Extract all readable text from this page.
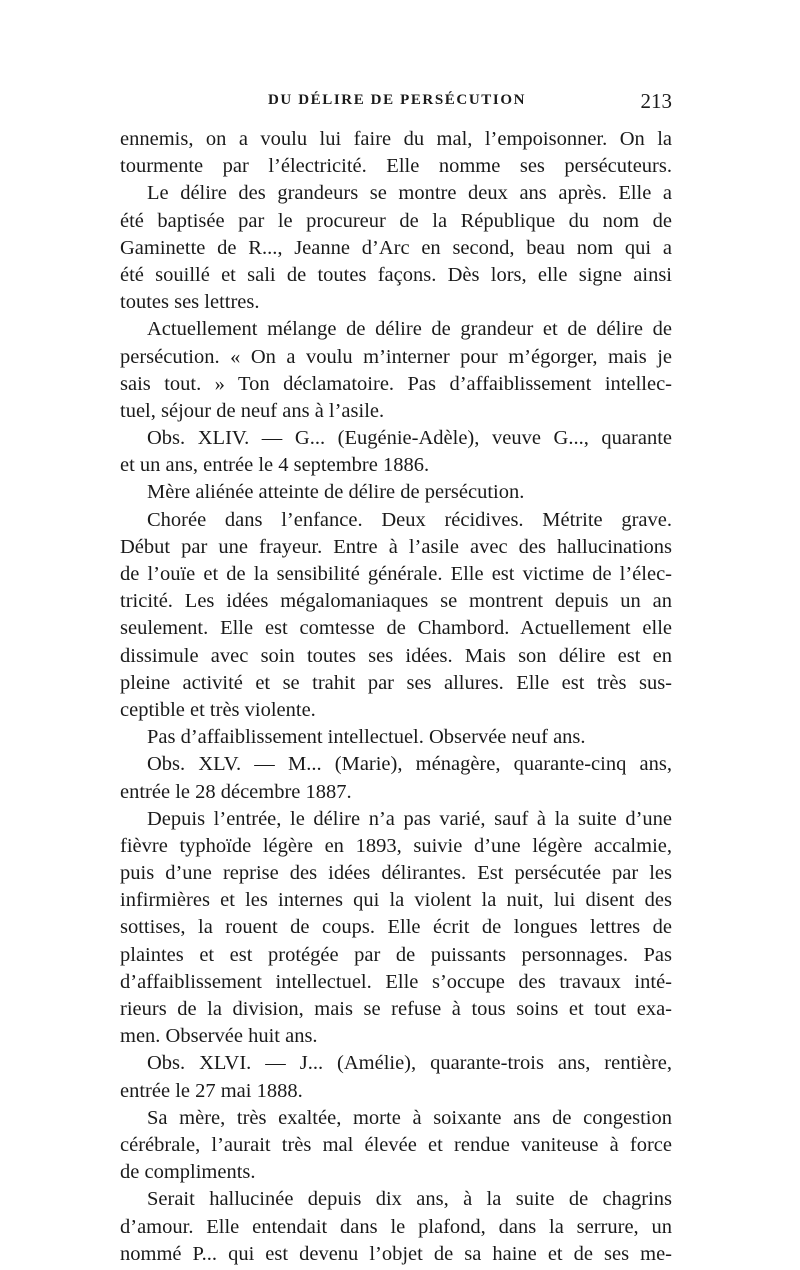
DU DÉLIRE DE PERSÉCUTION	213
ennemis, on a voulu lui faire du mal, l’empoisonner. On la
tourmente par l’électricité. Elle nomme ses persécuteurs.
Le délire des grandeurs se montre deux ans après. Elle a
été baptisée par le procureur de la République du nom de
Gaminette de R..., Jeanne d’Arc en second, beau nom qui a
été souillé et sali de toutes façons. Dès lors, elle signe ainsi
toutes ses lettres.
Actuellement mélange de délire de grandeur et de délire de
persécution. « On a voulu m’interner pour m’égorger, mais je
sais tout. » Ton déclamatoire. Pas d’affaiblissement intellec-
tuel, séjour de neuf ans à l’asile.
Obs. XLIV. — G... (Eugénie-Adèle), veuve G..., quarante
et un ans, entrée le 4 septembre 1886.
Mère aliénée atteinte de délire de persécution.
Chorée dans l’enfance. Deux récidives. Métrite grave.
Début par une frayeur. Entre à l’asile avec des hallucinations
de l’ouïe et de la sensibilité générale. Elle est victime de l’élec-
tricité. Les idées mégalomaniaques se montrent depuis un an
seulement. Elle est comtesse de Chambord. Actuellement elle
dissimule avec soin toutes ses idées. Mais son délire est en
pleine activité et se trahit par ses allures. Elle est très sus-
ceptible et très violente.
Pas d’affaiblissement intellectuel. Observée neuf ans.
Obs. XLV. — M... (Marie), ménagère, quarante-cinq ans,
entrée le 28 décembre 1887.
Depuis l’entrée, le délire n’a pas varié, sauf à la suite d’une
fièvre typhoïde légère en 1893, suivie d’une légère accalmie,
puis d’une reprise des idées délirantes. Est persécutée par les
infirmières et les internes qui la violent la nuit, lui disent des
sottises, la rouent de coups. Elle écrit de longues lettres de
plaintes et est protégée par de puissants personnages. Pas
d’affaiblissement intellectuel. Elle s’occupe des travaux inté-
rieurs de la division, mais se refuse à tous soins et tout exa-
men. Observée huit ans.
Obs. XLVI. — J... (Amélie), quarante-trois ans, rentière,
entrée le 27 mai 1888.
Sa mère, très exaltée, morte à soixante ans de congestion
cérébrale, l’aurait très mal élevée et rendue vaniteuse à force
de compliments.
Serait hallucinée depuis dix ans, à la suite de chagrins
d’amour. Elle entendait dans le plafond, dans la serrure, un
nommé P... qui est devenu l’objet de sa haine et de ses me-
